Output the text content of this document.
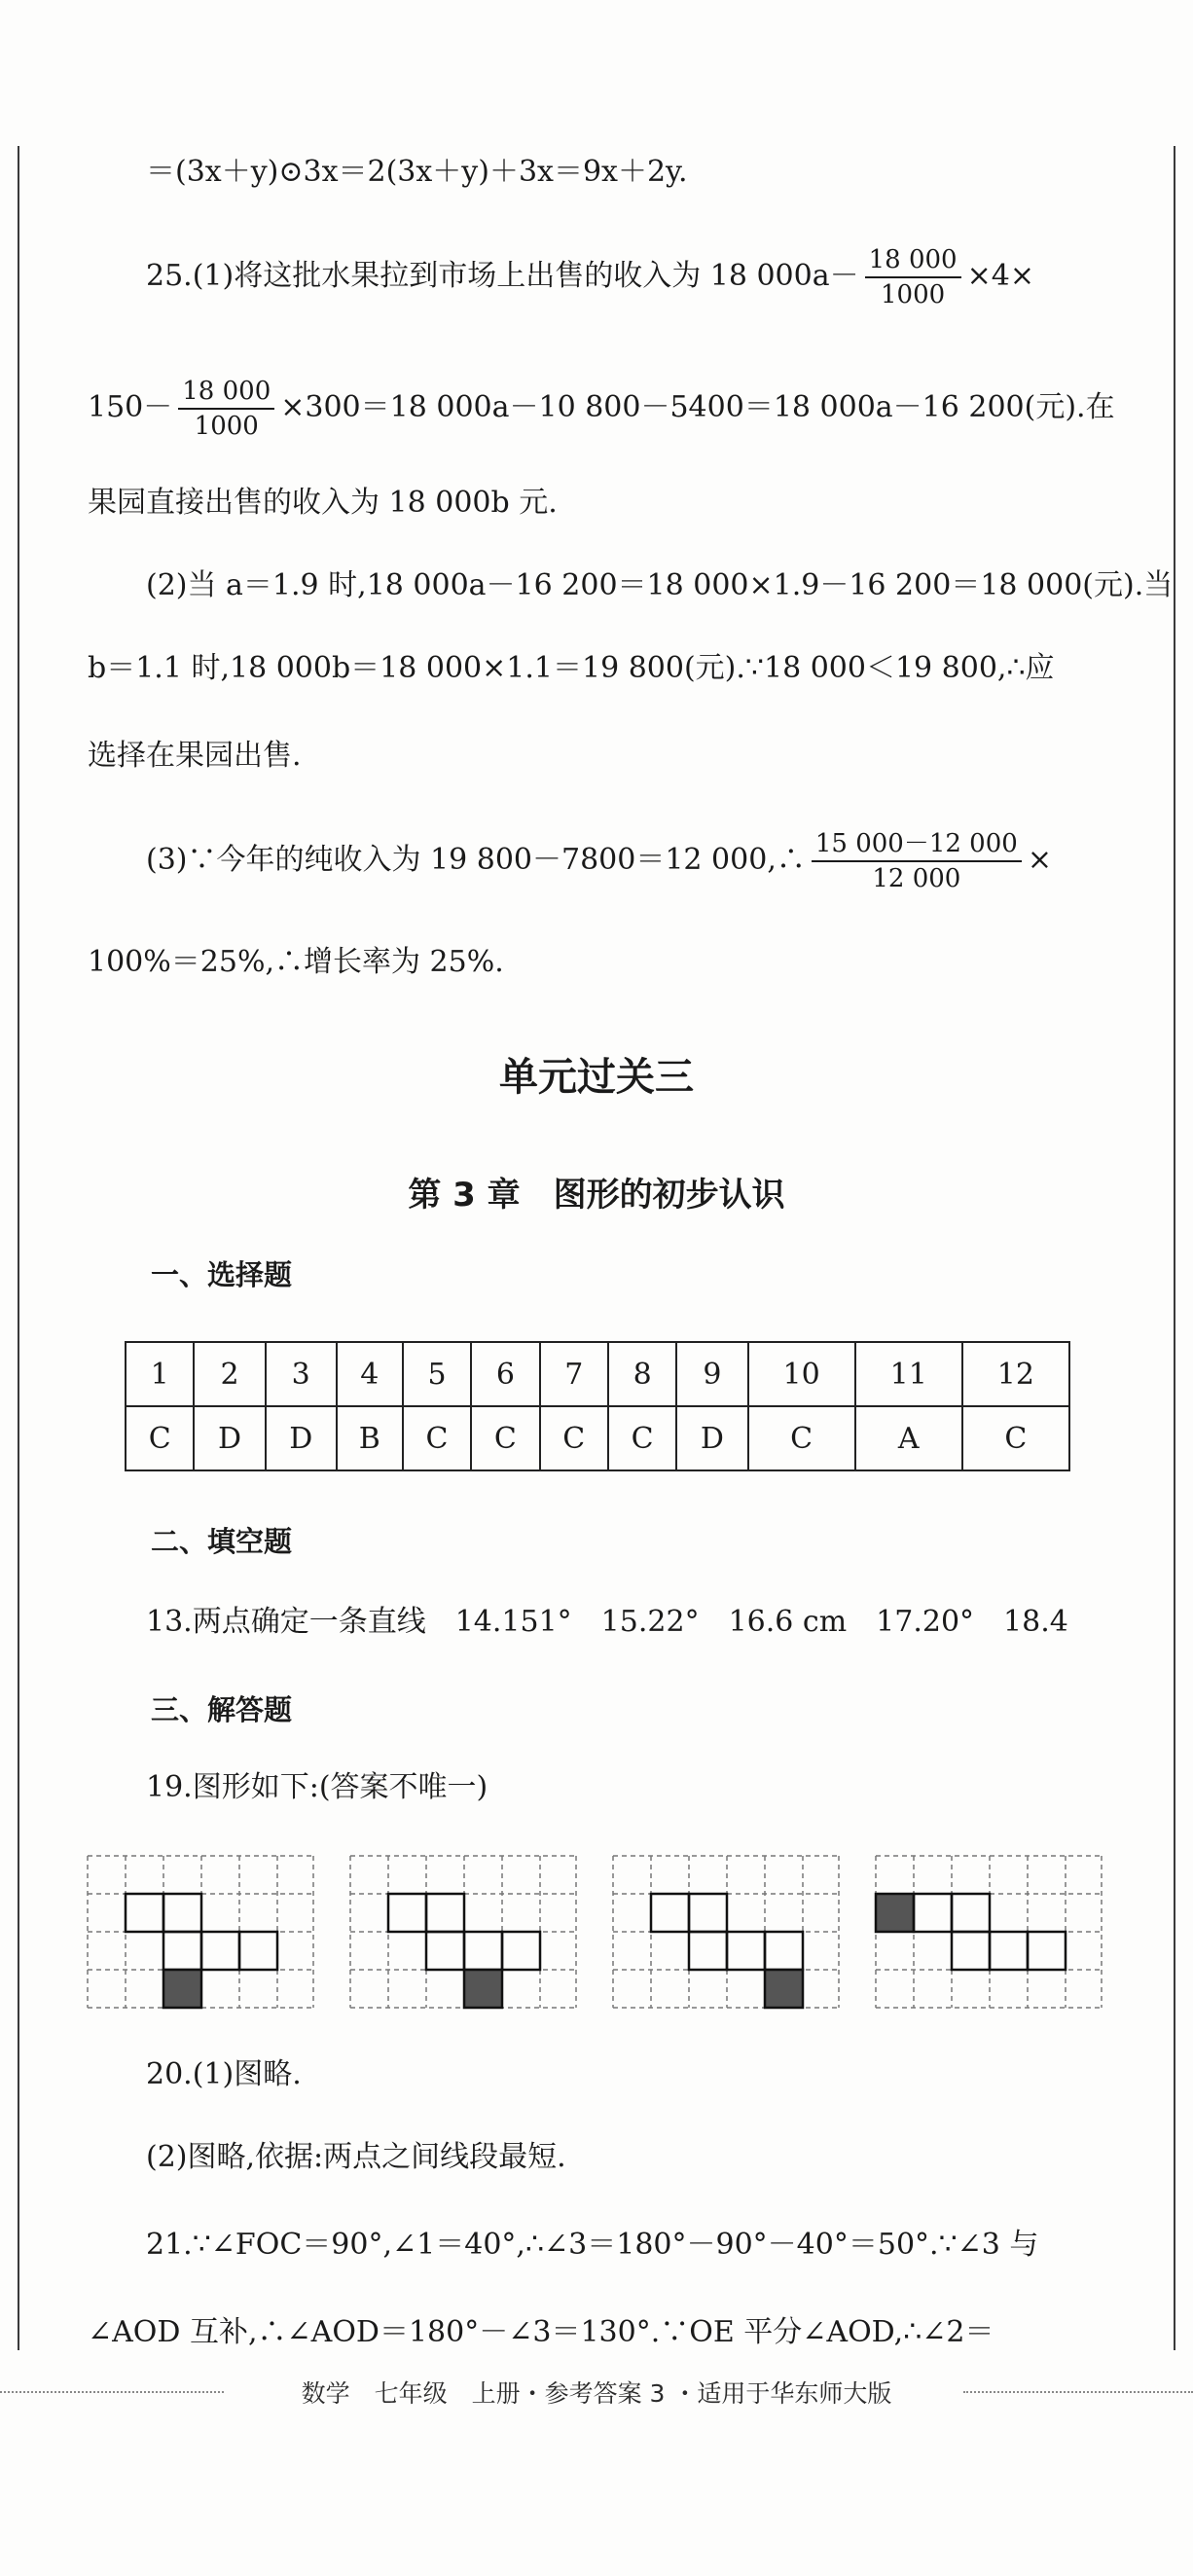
＝(3x＋y)⊙3x＝2(3x＋y)＋3x＝9x＋2y.
25.(1)将这批水果拉到市场上出售的收入为 18 $000a- \frac{18 000}{1000} \times 4\times$
$150- \frac{18 000}{1000} \times 300=18$ 000a－10 800－5400＝18 000a－16 200(元).在
果园直接出售的收入为 18 000b 元.
(2)当 a＝1.9 时,18 000a－16 200＝18 000×1.9－16 200＝18 000(元).当
b＝1.1 时,18 000b＝18 000×1.1＝19 800(元).∵18 000＜19 800,∴应
选择在果园出售.
(3)∵今年的纯收入为 19 800－7800＝12 000,∴ $\frac{15 000-12 000}{12 000}$ ×
100%＝25%,∴增长率为 25%.
单元过关三
第 3 章　图形的初步认识
一、选择题
1	2	3	4	5	6	7	8	9	10	11	12
C	D	D	B	C	C	C	C	D	C	A	C
二、填空题
13.两点确定一条直线　14.151°　15.22°　16.6 cm　17.20°　18.4
三、解答题
19.图形如下:(答案不唯一)
20.(1)图略.
(2)图略,依据:两点之间线段最短.
21.∵∠FOC＝90°,∠1＝40°,∴∠3＝180°－90°－40°＝50°.∵∠3 与
∠AOD 互补,∴∠AOD＝180°－∠3＝130°.∵OE 平分∠AOD,∴∠2＝
数学　七年级　上册・参考答案 3 ・适用于华东师大版
